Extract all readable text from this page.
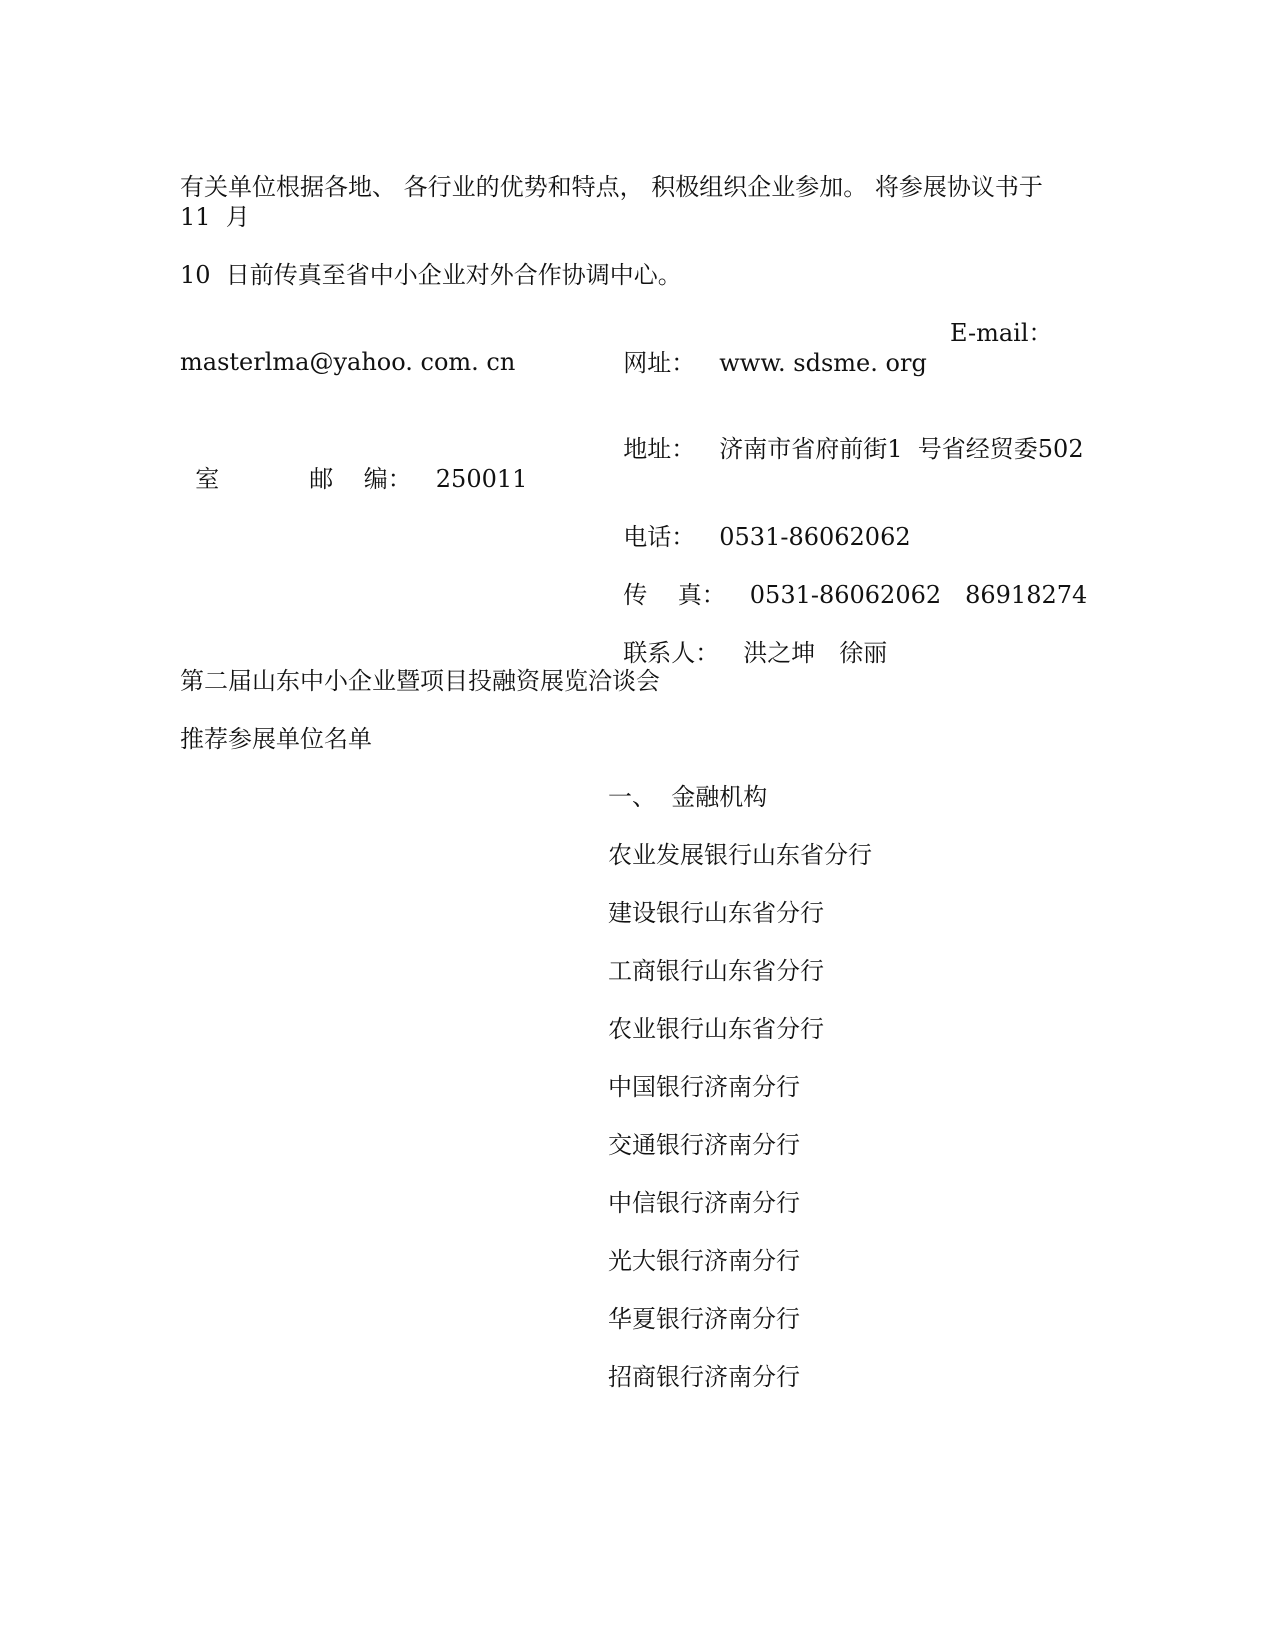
有关单位根据各地、 各行业的优势和特点， 积极组织企业参加。 将参展协议书于
11  月
10  日前传真至省中小企业对外合作协调中心。

网址： www. sdsme. org

E-mail：
masterlma@yahoo. com. cn

地址： 济南市省府前街1  号省经贸委502

室	邮    编： 250011

电话： 0531-86062062

传    真： 0531-86062062 86918274

联系人： 洪之坤 徐丽

第二届山东中小企业暨项目投融资展览洽谈会
推荐参展单位名单
一、  金融机构
农业发展银行山东省分行
建设银行山东省分行
工商银行山东省分行
农业银行山东省分行
中国银行济南分行
交通银行济南分行
中信银行济南分行
光大银行济南分行
华夏银行济南分行
招商银行济南分行
